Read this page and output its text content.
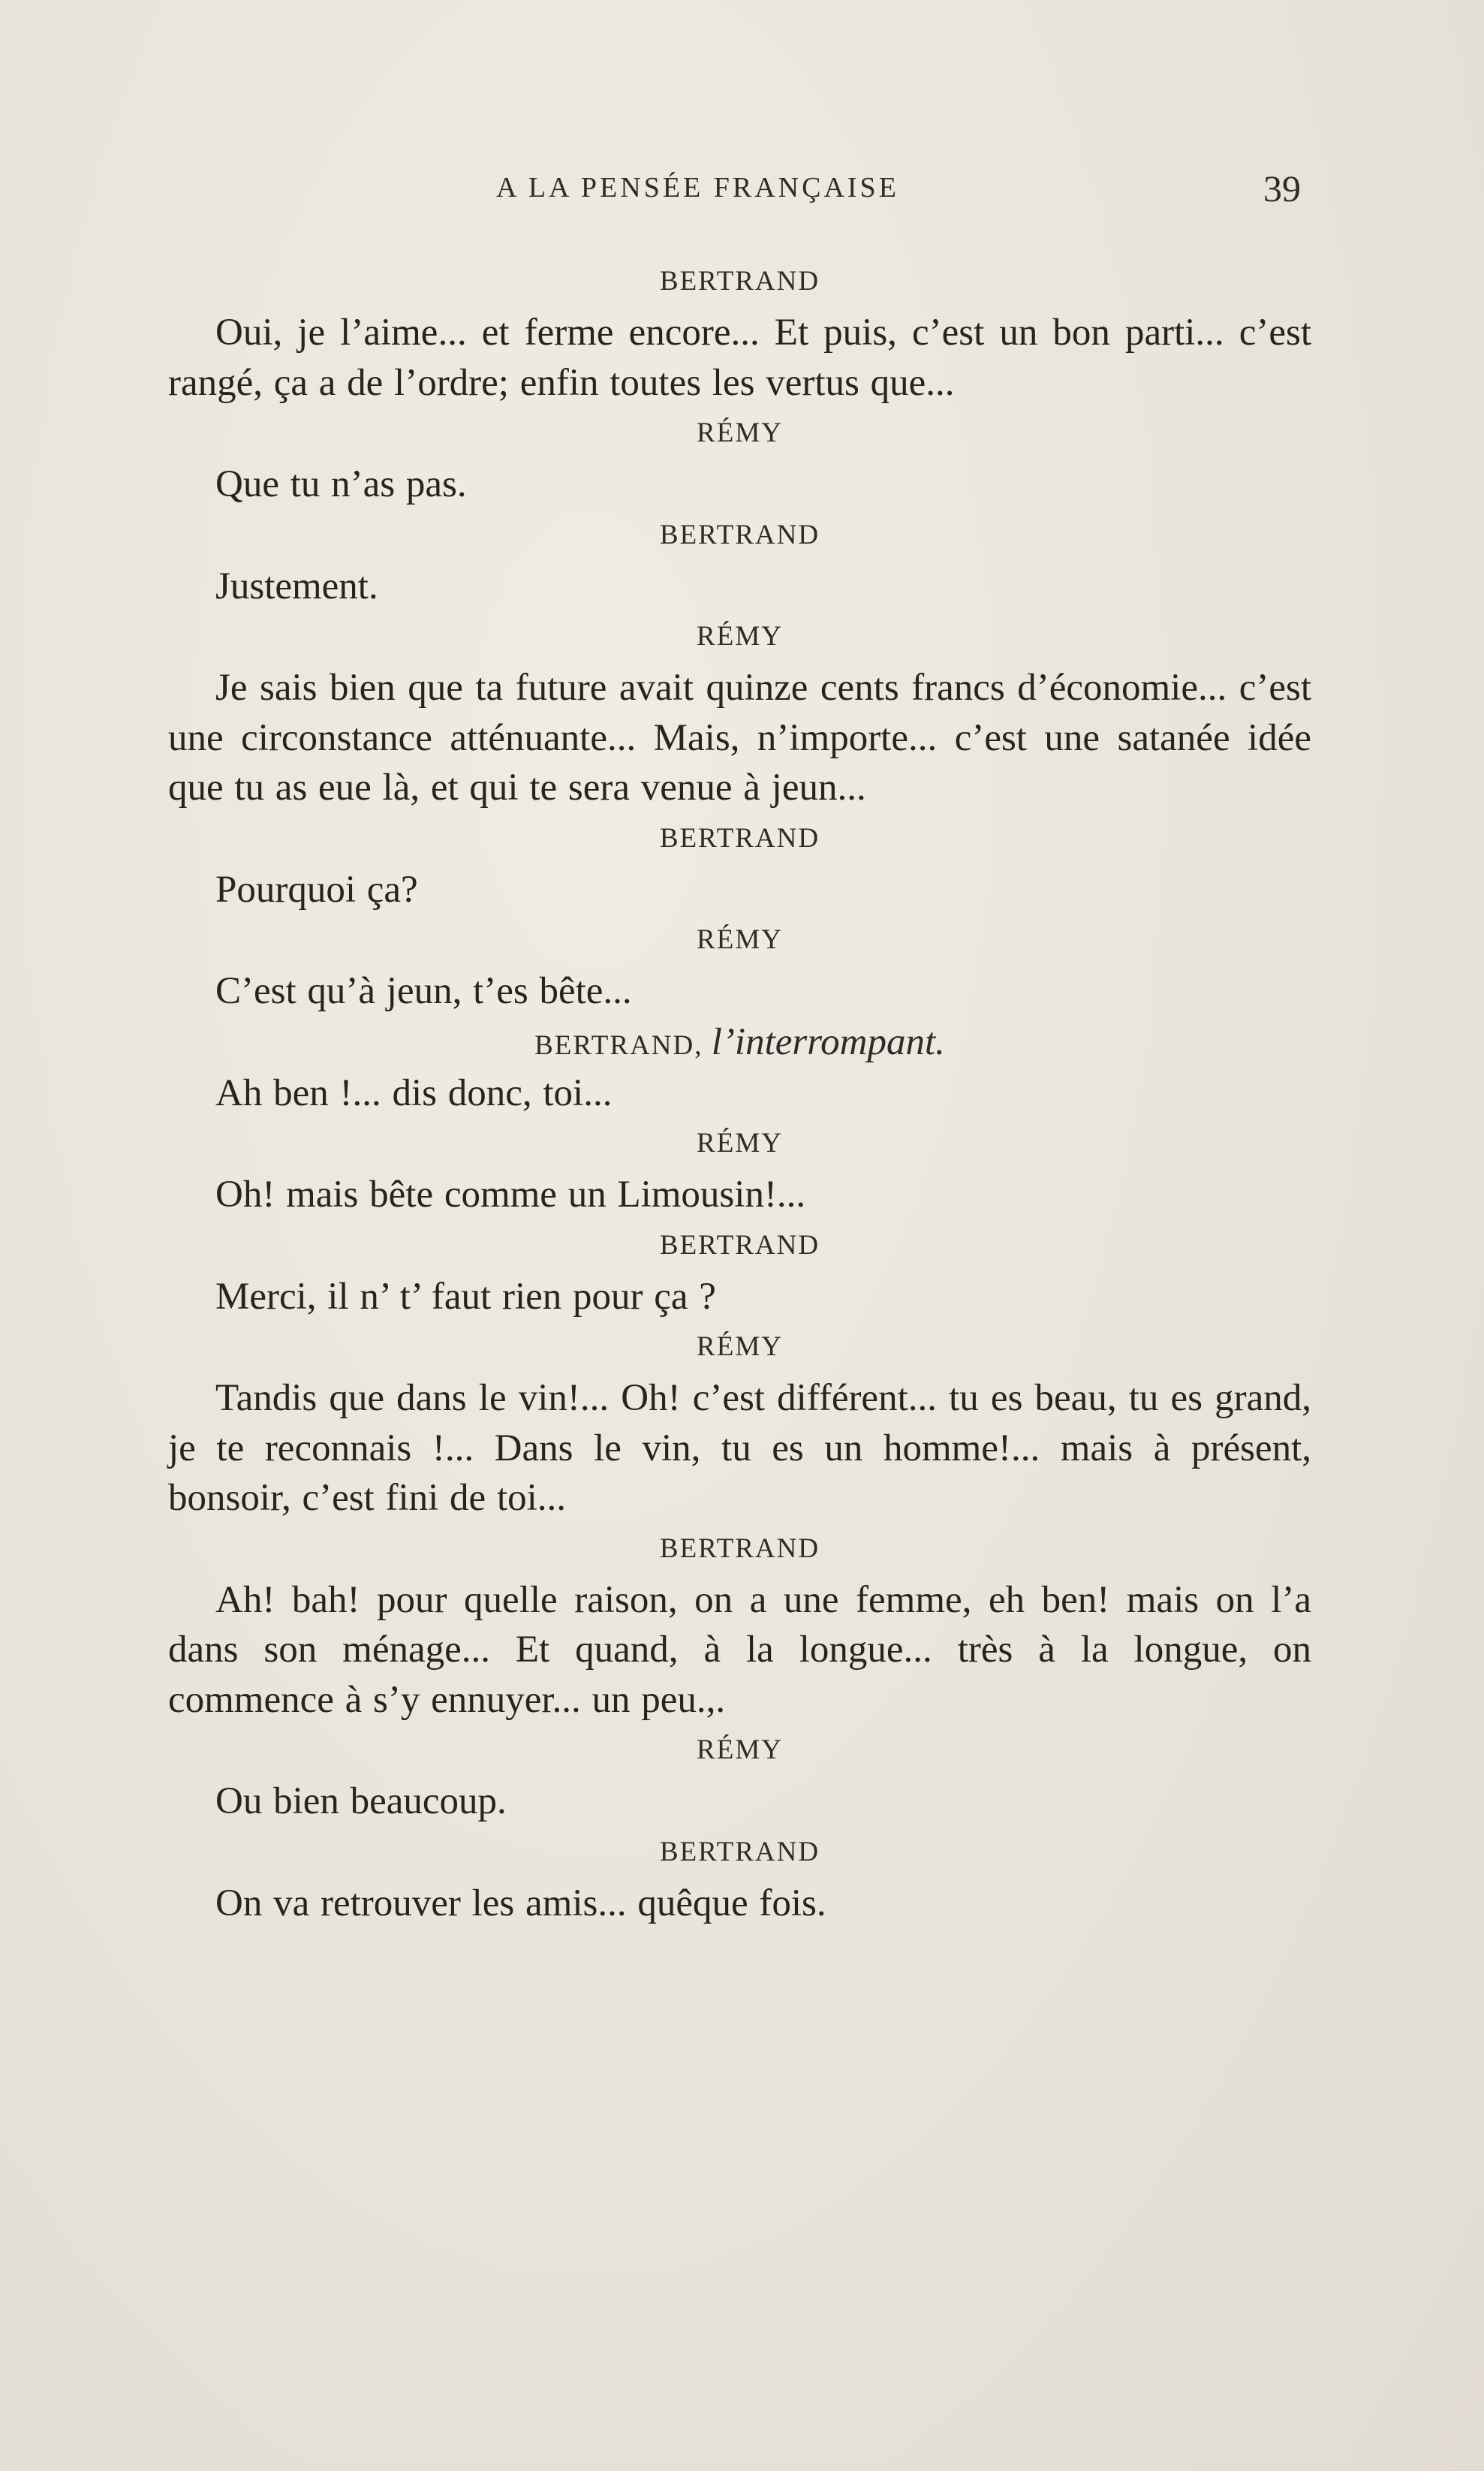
A LA PENSÉE FRANÇAISE	39
BERTRAND

Oui, je l’aime... et ferme encore... Et puis, c’est un bon parti... c’est rangé, ça a de l’ordre; enfin toutes les vertus que...

RÉMY

Que tu n’as pas.

BERTRAND

Justement.

RÉMY

Je sais bien que ta future avait quinze cents francs d’économie... c’est une circonstance atténuante... Mais, n’importe... c’est une satanée idée que tu as eue là, et qui te sera venue à jeun...

BERTRAND

Pourquoi ça?

RÉMY

C’est qu’à jeun, t’es bête...

BERTRAND, l’interrompant.

Ah ben !... dis donc, toi...

RÉMY

Oh! mais bête comme un Limousin!...

BERTRAND

Merci, il n’ t’ faut rien pour ça ?

RÉMY

Tandis que dans le vin!... Oh! c’est différent... tu es beau, tu es grand, je te reconnais !... Dans le vin, tu es un homme!... mais à présent, bonsoir, c’est fini de toi...

BERTRAND

Ah! bah! pour quelle raison, on a une femme, eh ben! mais on l’a dans son ménage... Et quand, à la longue... très à la longue, on commence à s’y ennuyer... un peu.,.

RÉMY

Ou bien beaucoup.

BERTRAND

On va retrouver les amis... quêque fois.
